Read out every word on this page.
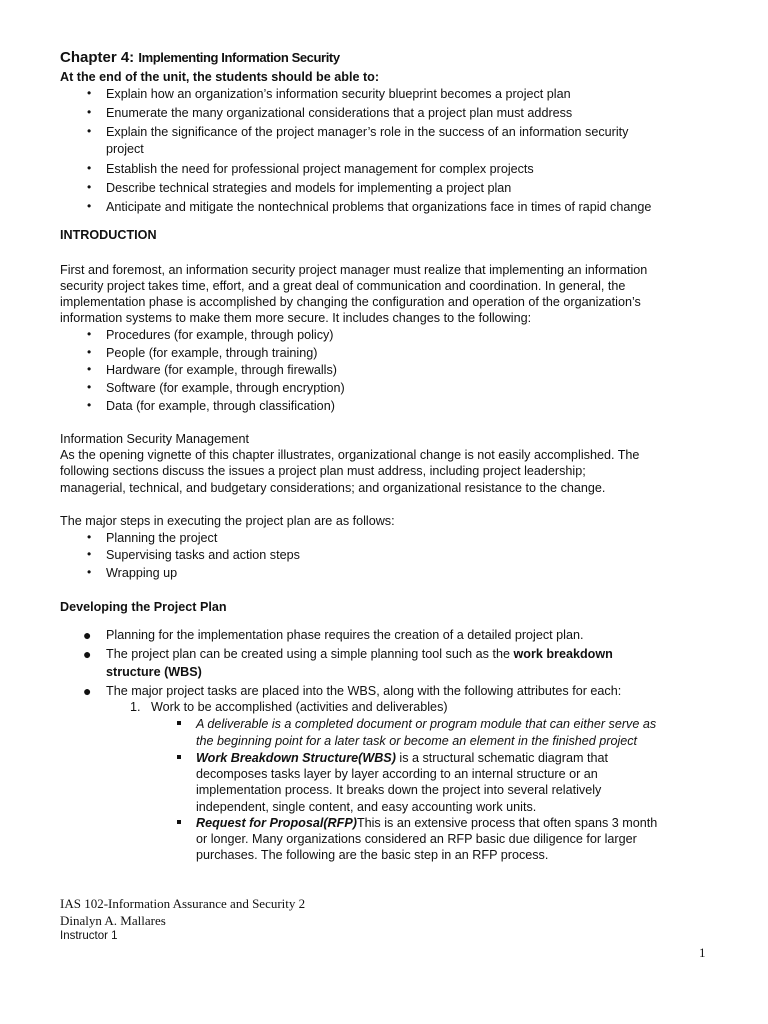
Chapter 4: Implementing Information Security
At the end of the unit, the students should be able to:
• Explain how an organization’s information security blueprint becomes a project plan
• Enumerate the many organizational considerations that a project plan must address
• Explain the significance of the project manager’s role in the success of an information security
project
• Establish the need for professional project management for complex projects
• Describe technical strategies and models for implementing a project plan
• Anticipate and mitigate the nontechnical problems that organizations face in times of rapid change
INTRODUCTION
First and foremost, an information security project manager must realize that implementing an information
security project takes time, effort, and a great deal of communication and coordination. In general, the
implementation phase is accomplished by changing the configuration and operation of the organization’s
information systems to make them more secure. It includes changes to the following:
• Procedures (for example, through policy)
• People (for example, through training)
• Hardware (for example, through firewalls)
• Software (for example, through encryption)
• Data (for example, through classification)
Information Security Management
As the opening vignette of this chapter illustrates, organizational change is not easily accomplished. The
following sections discuss the issues a project plan must address, including project leadership;
managerial, technical, and budgetary considerations; and organizational resistance to the change.
The major steps in executing the project plan are as follows:
• Planning the project
• Supervising tasks and action steps
• Wrapping up
Developing the Project Plan
● Planning for the implementation phase requires the creation of a detailed project plan.
● The project plan can be created using a simple planning tool such as the work breakdown
structure (WBS)
● The major project tasks are placed into the WBS, along with the following attributes for each:
1. Work to be accomplished (activities and deliverables)
A deliverable is a completed document or program module that can either serve as
the beginning point for a later task or become an element in the finished project
Work Breakdown Structure(WBS) is a structural schematic diagram that
decomposes tasks layer by layer according to an internal structure or an
implementation process. It breaks down the project into several relatively
independent, single content, and easy accounting work units.
Request for Proposal(RFP)This is an extensive process that often spans 3 month
or longer. Many organizations considered an RFP basic due diligence for larger
purchases. The following are the basic step in an RFP process.
IAS 102-Information Assurance and Security 2
Dinalyn A. Mallares
Instructor 1
1
